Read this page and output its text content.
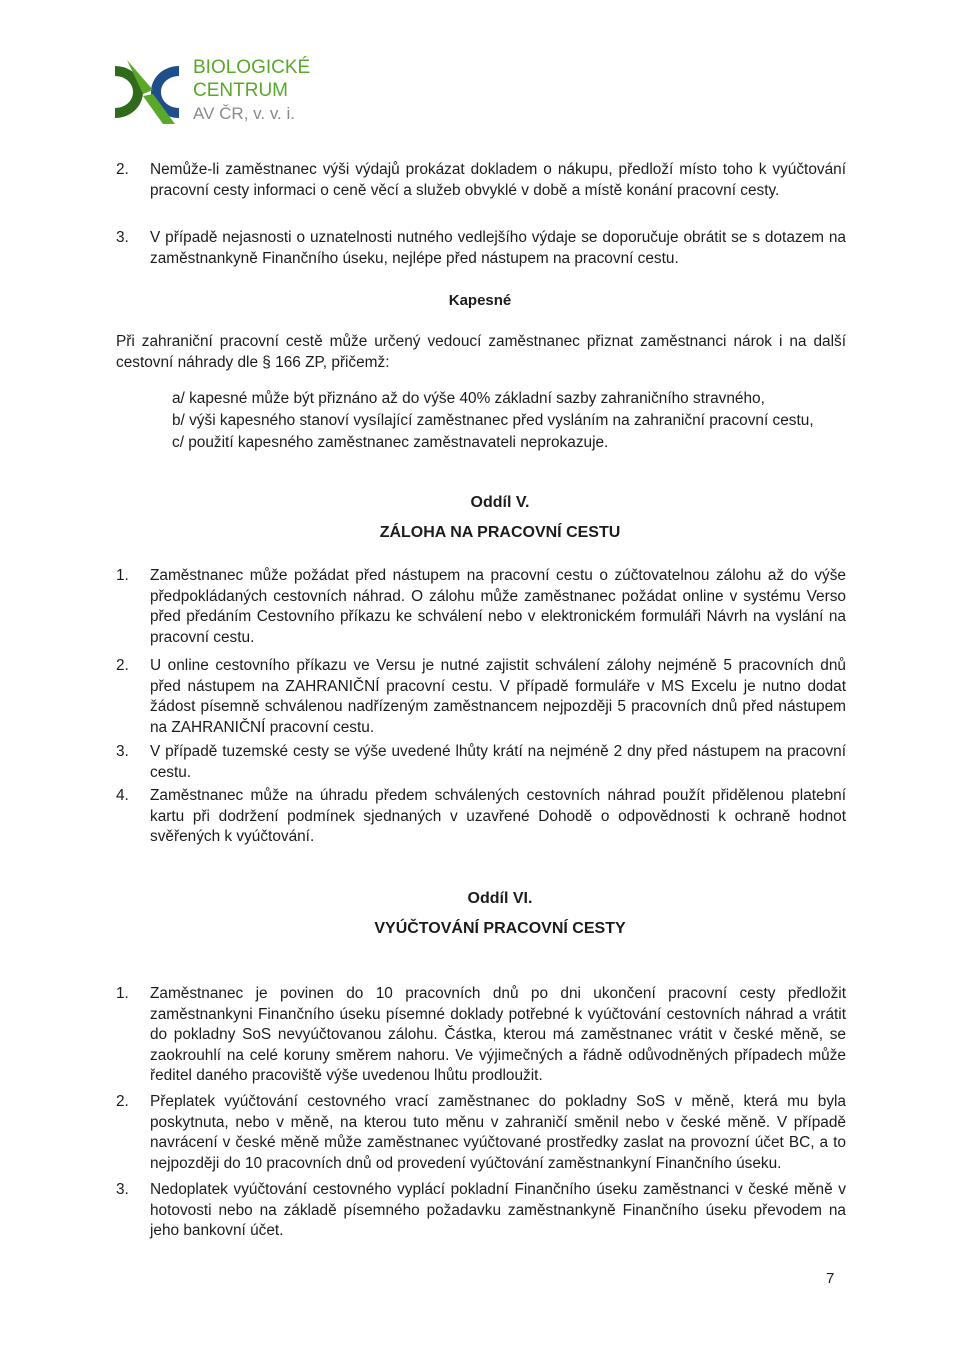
BIOLOGICKÉ
CENTRUM
AV ČR, v. v. i.
2. Nemůže-li zaměstnanec výši výdajů prokázat dokladem o nákupu, předloží místo toho k vyúčtování pracovní cesty informaci o ceně věcí a služeb obvyklé v době a místě konání pracovní cesty.
3. V případě nejasnosti o uznatelnosti nutného vedlejšího výdaje se doporučuje obrátit se s dotazem na zaměstnankyně Finančního úseku, nejlépe před nástupem na pracovní cestu.
Kapesné
Při zahraniční pracovní cestě může určený vedoucí zaměstnanec přiznat zaměstnanci nárok i na další cestovní náhrady dle § 166 ZP, přičemž:
a/ kapesné může být přiznáno až do výše 40% základní sazby zahraničního stravného,
b/ výši kapesného stanoví vysílající zaměstnanec před vysláním na zahraniční pracovní cestu,
c/ použití kapesného zaměstnanec zaměstnavateli neprokazuje.
Oddíl V.
ZÁLOHA NA PRACOVNÍ CESTU
1. Zaměstnanec může požádat před nástupem na pracovní cestu o zúčtovatelnou zálohu až do výše předpokládaných cestovních náhrad. O zálohu může zaměstnanec požádat online v systému Verso před předáním Cestovního příkazu ke schválení nebo v elektronickém formuláři Návrh na vyslání na pracovní cestu.
2. U online cestovního příkazu ve Versu je nutné zajistit schválení zálohy nejméně 5 pracovních dnů před nástupem na ZAHRANIČNÍ pracovní cestu. V případě formuláře v MS Excelu je nutno dodat žádost písemně schválenou nadřízeným zaměstnancem nejpozději 5 pracovních dnů před nástupem na ZAHRANIČNÍ pracovní cestu.
3. V případě tuzemské cesty se výše uvedené lhůty krátí na nejméně 2 dny před nástupem na pracovní cestu.
4. Zaměstnanec může na úhradu předem schválených cestovních náhrad použít přidělenou platební kartu při dodržení podmínek sjednaných v uzavřené Dohodě o odpovědnosti k ochraně hodnot svěřených k vyúčtování.
Oddíl VI.
VYÚČTOVÁNÍ PRACOVNÍ CESTY
1. Zaměstnanec je povinen do 10 pracovních dnů po dni ukončení pracovní cesty předložit zaměstnankyni Finančního úseku písemné doklady potřebné k vyúčtování cestovních náhrad a vrátit do pokladny SoS nevyúčtovanou zálohu. Částka, kterou má zaměstnanec vrátit v české měně, se zaokrouhlí na celé koruny směrem nahoru. Ve výjimečných a řádně odůvodněných případech může ředitel daného pracoviště výše uvedenou lhůtu prodloužit.
2. Přeplatek vyúčtování cestovného vrací zaměstnanec do pokladny SoS v měně, která mu byla poskytnuta, nebo v měně, na kterou tuto měnu v zahraničí směnil nebo v české měně. V případě navrácení v české měně může zaměstnanec vyúčtované prostředky zaslat na provozní účet BC, a to nejpozději do 10 pracovních dnů od provedení vyúčtování zaměstnankyní Finančního úseku.
3. Nedoplatek vyúčtování cestovného vyplácí pokladní Finančního úseku zaměstnanci v české měně v hotovosti nebo na základě písemného požadavku zaměstnankyně Finančního úseku převodem na jeho bankovní účet.
7
